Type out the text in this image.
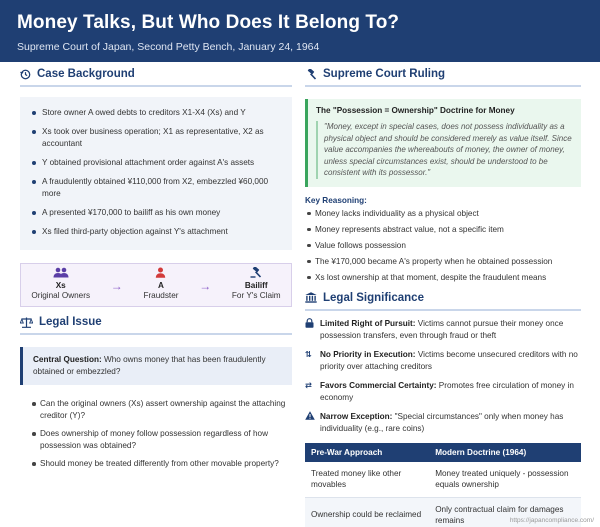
Money Talks, But Who Does It Belong To?
Supreme Court of Japan, Second Petty Bench, January 24, 1964
Case Background
Store owner A owed debts to creditors X1-X4 (Xs) and Y
Xs took over business operation; X1 as representative, X2 as accountant
Y obtained provisional attachment order against A's assets
A fraudulently obtained ¥110,000 from X2, embezzled ¥60,000 more
A presented ¥170,000 to bailiff as his own money
Xs filed third-party objection against Y's attachment
Xs
Original Owners
→	A
Fraudster
→	Bailiff
For Y's Claim
Legal Issue
Central Question: Who owns money that has been fraudulently obtained or embezzled?
Can the original owners (Xs) assert ownership against the attaching creditor (Y)?
Does ownership of money follow possession regardless of how possession was obtained?
Should money be treated differently from other movable property?
Supreme Court Ruling
The "Possession = Ownership" Doctrine for Money
"Money, except in special cases, does not possess individuality as a physical object and should be considered merely as value itself. Since value accompanies the whereabouts of money, the owner of money, unless special circumstances exist, should be understood to be consistent with its possessor."
Key Reasoning:
Money lacks individuality as a physical object
Money represents abstract value, not a specific item
Value follows possession
The ¥170,000 became A's property when he obtained possession
Xs lost ownership at that moment, despite the fraudulent means
Legal Significance
Limited Right of Pursuit: Victims cannot pursue their money once possession transfers, even through fraud or theft
⇅ No Priority in Execution: Victims become unsecured creditors with no priority over attaching creditors
⇄ Favors Commercial Certainty: Promotes free circulation of money in economy
Narrow Exception: "Special circumstances" only when money has individuality (e.g., rare coins)
Pre-War Approach	Modern Doctrine (1964)
Treated money like other movables	Money treated uniquely - possession equals ownership
Ownership could be reclaimed	Only contractual claim for damages remains	https://japancompliance.com/
